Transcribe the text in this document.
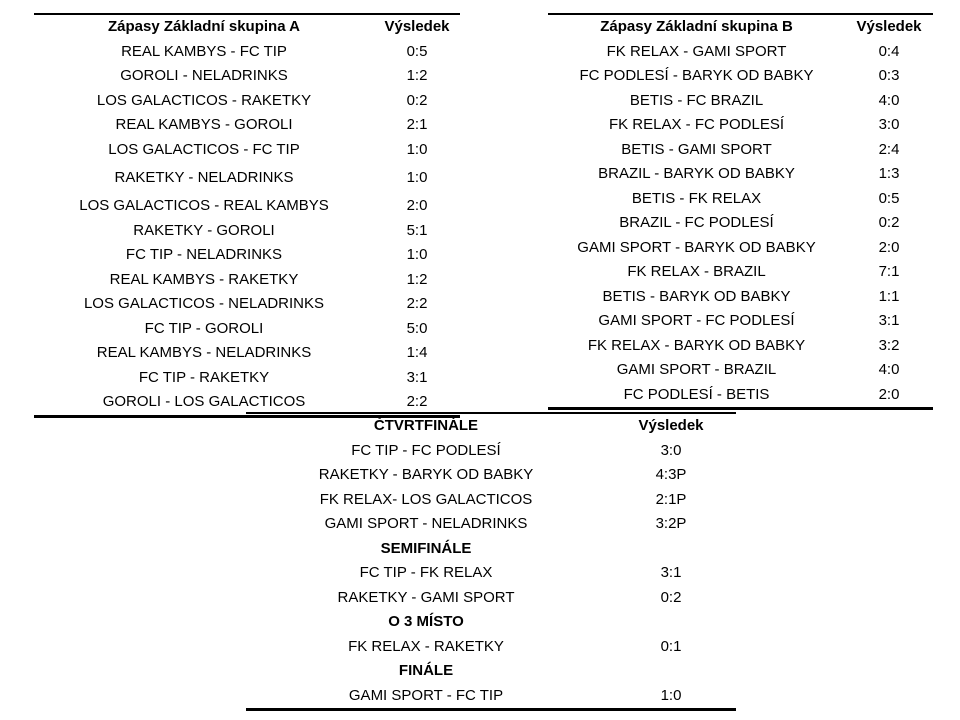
Zápasy Základní skupina A	Výsledek
REAL KAMBYS - FC TIP	0:5
GOROLI - NELADRINKS	1:2
LOS GALACTICOS - RAKETKY	0:2
REAL KAMBYS - GOROLI	2:1
LOS GALACTICOS - FC TIP	1:0
RAKETKY - NELADRINKS	1:0
LOS GALACTICOS - REAL KAMBYS	2:0
RAKETKY - GOROLI	5:1
FC TIP - NELADRINKS	1:0
REAL KAMBYS - RAKETKY	1:2
LOS GALACTICOS - NELADRINKS	2:2
FC TIP - GOROLI	5:0
REAL KAMBYS - NELADRINKS	1:4
FC TIP - RAKETKY	3:1
GOROLI - LOS GALACTICOS	2:2
Zápasy Základní skupina B	Výsledek
FK RELAX - GAMI SPORT	0:4
FC PODLESÍ - BARYK OD BABKY	0:3
BETIS - FC BRAZIL	4:0
FK RELAX - FC PODLESÍ	3:0
BETIS - GAMI SPORT	2:4
BRAZIL - BARYK OD BABKY	1:3
BETIS - FK RELAX	0:5
BRAZIL - FC PODLESÍ	0:2
GAMI SPORT - BARYK OD BABKY	2:0
FK RELAX - BRAZIL	7:1
BETIS - BARYK OD BABKY	1:1
GAMI SPORT - FC PODLESÍ	3:1
FK RELAX - BARYK OD BABKY	3:2
GAMI SPORT - BRAZIL	4:0
FC PODLESÍ - BETIS	2:0
ČTVRTFINÁLE	Výsledek
FC TIP - FC PODLESÍ	3:0
RAKETKY - BARYK OD BABKY	4:3P
FK RELAX- LOS GALACTICOS	2:1P
GAMI SPORT - NELADRINKS	3:2P
SEMIFINÁLE	
FC TIP - FK RELAX	3:1
RAKETKY - GAMI SPORT	0:2
O 3 MÍSTO	
FK RELAX - RAKETKY	0:1
FINÁLE	
GAMI SPORT - FC TIP	1:0
